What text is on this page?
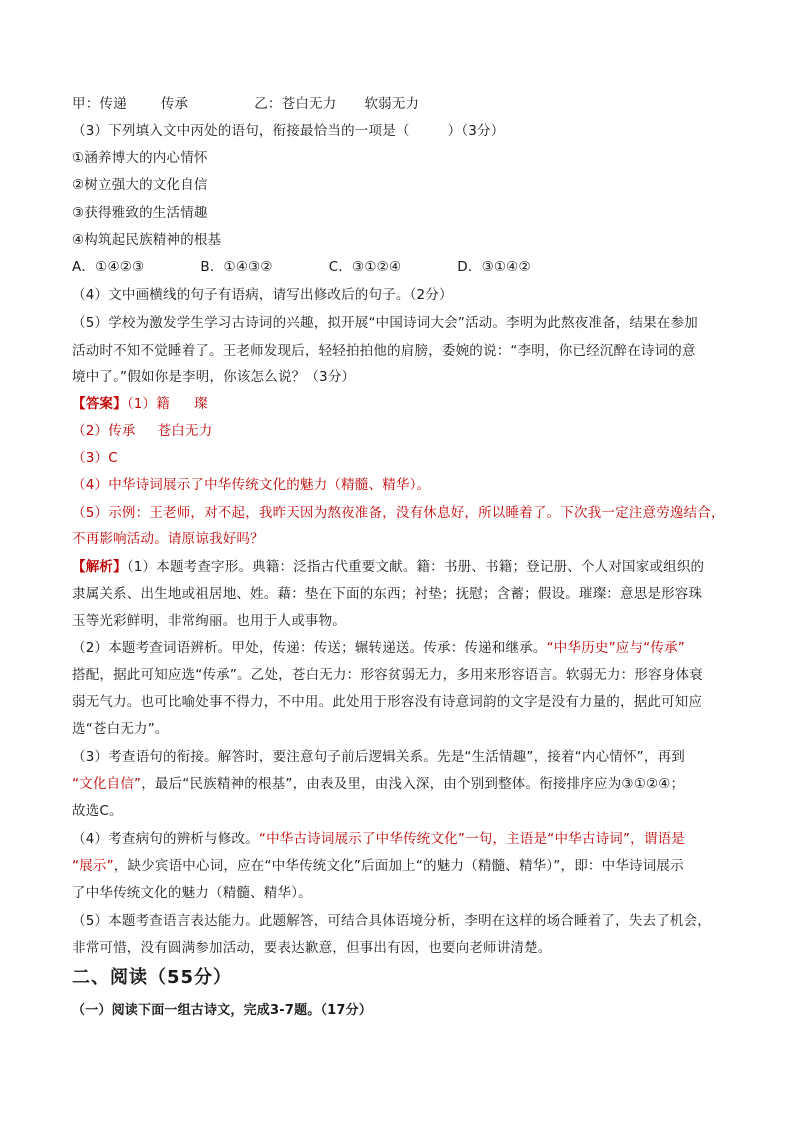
甲：传递	传承	乙：苍白无力 软弱无力
（3）下列填入文中丙处的语句，衔接最恰当的一项是（	）（3分）
①涵养博大的内心情怀
②树立强大的文化自信
③获得雅致的生活情趣
④构筑起民族精神的根基
A．①④②③	B．①④③②	C．③①②④	D．③①④②
（4）文中画横线的句子有语病，请写出修改后的句子。（2分）
（5）学校为激发学生学习古诗词的兴趣，拟开展“中国诗词大会”活动。李明为此熬夜准备，结果在参加
活动时不知不觉睡着了。王老师发现后，轻轻拍拍他的肩膀，委婉的说：“李明，你已经沉醉在诗词的意
境中了。”假如你是李明，你该怎么说？（3分）
【答案】（1）籍 璨
（2）传承 苍白无力
（3）C
（4）中华诗词展示了中华传统文化的魅力（精髓、精华）。
（5）示例：王老师，对不起，我昨天因为熬夜准备，没有休息好，所以睡着了。下次我一定注意劳逸结合，
不再影响活动。请原谅我好吗？
【解析】（1）本题考查字形。典籍：泛指古代重要文献。籍：书册、书籍；登记册、个人对国家或组织的
隶属关系、出生地或祖居地、姓。藉：垫在下面的东西；衬垫；抚慰；含蓄；假设。璀璨：意思是形容珠
玉等光彩鲜明，非常绚丽。也用于人或事物。
（2）本题考查词语辨析。甲处，传递：传送；辗转递送。传承：传递和继承。“中华历史”应与“传承”
搭配，据此可知应选“传承”。乙处，苍白无力：形容贫弱无力，多用来形容语言。软弱无力：形容身体衰
弱无气力。也可比喻处事不得力，不中用。此处用于形容没有诗意词韵的文字是没有力量的，据此可知应
选“苍白无力”。
（3）考查语句的衔接。解答时，要注意句子前后逻辑关系。先是“生活情趣”，接着“内心情怀”，再到
“文化自信”，最后“民族精神的根基”，由表及里，由浅入深，由个别到整体。衔接排序应为③①②④；
故选C。
（4）考查病句的辨析与修改。“中华古诗词展示了中华传统文化”一句，主语是“中华古诗词”，谓语是
“展示”，缺少宾语中心词，应在“中华传统文化”后面加上“的魅力（精髓、精华）”，即：中华诗词展示
了中华传统文化的魅力（精髓、精华）。
（5）本题考查语言表达能力。此题解答，可结合具体语境分析，李明在这样的场合睡着了，失去了机会，
非常可惜，没有圆满参加活动，要表达歉意，但事出有因，也要向老师讲清楚。
二、阅读（55分）
（一）阅读下面一组古诗文，完成3-7题。（17分）
